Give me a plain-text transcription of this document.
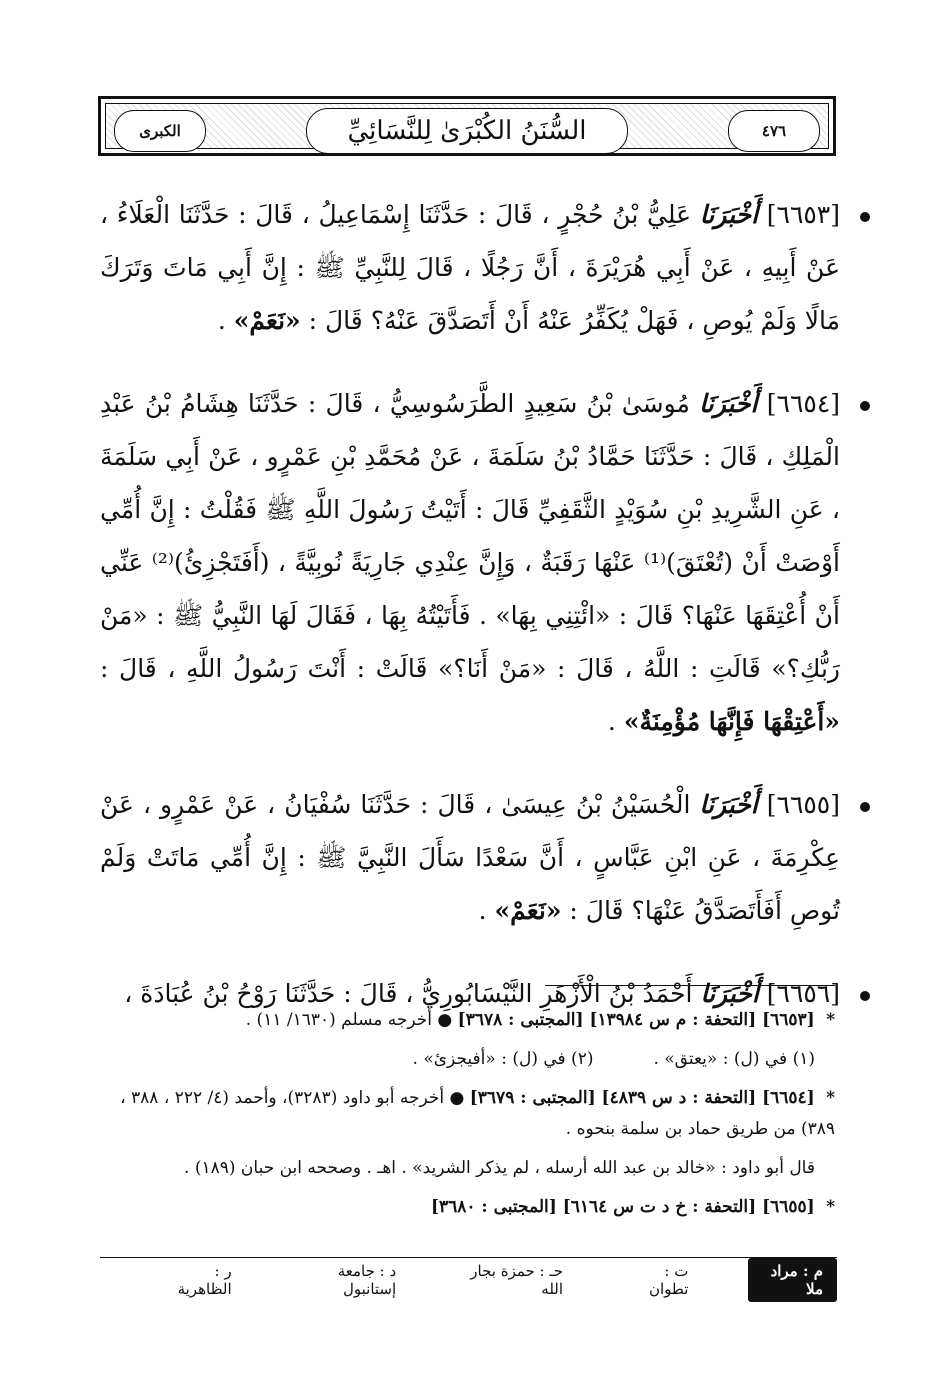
الكبرى	السُّنَنُ الكُبْرَىٰ لِلنَّسَائِيِّ	٤٧٦

[٦٦٥٣] أَخْبَرَنَا عَلِيُّ بْنُ حُجْرٍ ، قَالَ : حَدَّثَنَا إِسْمَاعِيلُ ، قَالَ : حَدَّثَنَا الْعَلَاءُ ، عَنْ أَبِيهِ ، عَنْ أَبِي هُرَيْرَةَ ، أَنَّ رَجُلًا ، قَالَ لِلنَّبِيِّ ﷺ : إِنَّ أَبِي مَاتَ وَتَرَكَ مَالًا وَلَمْ يُوصِ ، فَهَلْ يُكَفِّرُ عَنْهُ أَنْ أَتَصَدَّقَ عَنْهُ؟ قَالَ : «نَعَمْ» .

[٦٦٥٤] أَخْبَرَنَا مُوسَىٰ بْنُ سَعِيدٍ الطَّرَسُوسِيُّ ، قَالَ : حَدَّثَنَا هِشَامُ بْنُ عَبْدِ الْمَلِكِ ، قَالَ : حَدَّثَنَا حَمَّادُ بْنُ سَلَمَةَ ، عَنْ مُحَمَّدِ بْنِ عَمْرٍو ، عَنْ أَبِي سَلَمَةَ ، عَنِ الشَّرِيدِ بْنِ سُوَيْدٍ الثَّقَفِيِّ قَالَ : أَتَيْتُ رَسُولَ اللَّهِ ﷺ فَقُلْتُ : إِنَّ أُمِّي أَوْصَتْ أَنْ (تُعْتَقَ)⁽¹⁾ عَنْهَا رَقَبَةٌ ، وَإِنَّ عِنْدِي جَارِيَةً نُوبِيَّةً ، (أَفَتَجْزِئُ)⁽²⁾ عَنِّي أَنْ أُعْتِقَهَا عَنْهَا؟ قَالَ : «ائْتِنِي بِهَا» . فَأَتَيْتُهُ بِهَا ، فَقَالَ لَهَا النَّبِيُّ ﷺ : «مَنْ رَبُّكِ؟» قَالَتِ : اللَّهُ ، قَالَ : «مَنْ أَنَا؟» قَالَتْ : أَنْتَ رَسُولُ اللَّهِ ، قَالَ : «أَعْتِقْهَا فَإِنَّهَا مُؤْمِنَةٌ» .

[٦٦٥٥] أَخْبَرَنَا الْحُسَيْنُ بْنُ عِيسَىٰ ، قَالَ : حَدَّثَنَا سُفْيَانُ ، عَنْ عَمْرٍو ، عَنْ عِكْرِمَةَ ، عَنِ ابْنِ عَبَّاسٍ ، أَنَّ سَعْدًا سَأَلَ النَّبِيَّ ﷺ : إِنَّ أُمِّي مَاتَتْ وَلَمْ تُوصِ أَفَأَتَصَدَّقُ عَنْهَا؟ قَالَ : «نَعَمْ» .

[٦٦٥٦] أَخْبَرَنَا أَحْمَدُ بْنُ الْأَزْهَرِ النَّيْسَابُورِيُّ ، قَالَ : حَدَّثَنَا رَوْحُ بْنُ عُبَادَةَ ،

* [٦٦٥٣] [التحفة : م س ١٣٩٨٤] [المجتبى : ٣٦٧٨] ● أخرجه مسلم (١٦٣٠/ ١١) .

(١) في (ل) : «يعتق» .
(٢) في (ل) : «أفيجزئ» .

* [٦٦٥٤] [التحفة : د س ٤٨٣٩] [المجتبى : ٣٦٧٩] ● أخرجه أبو داود (٣٢٨٣)، وأحمد (٤/ ٢٢٢ ، ٣٨٨ ، ٣٨٩) من طريق حماد بن سلمة بنحوه .

قال أبو داود : «خالد بن عبد الله أرسله ، لم يذكر الشريد» . اهـ . وصححه ابن حبان (١٨٩) .

* [٦٦٥٥] [التحفة : خ د ت س ٦١٦٤] [المجتبى : ٣٦٨٠]

م : مراد ملا
ت : تطوان
حـ : حمزة بجار الله
د : جامعة إستانبول
ر : الظاهرية
